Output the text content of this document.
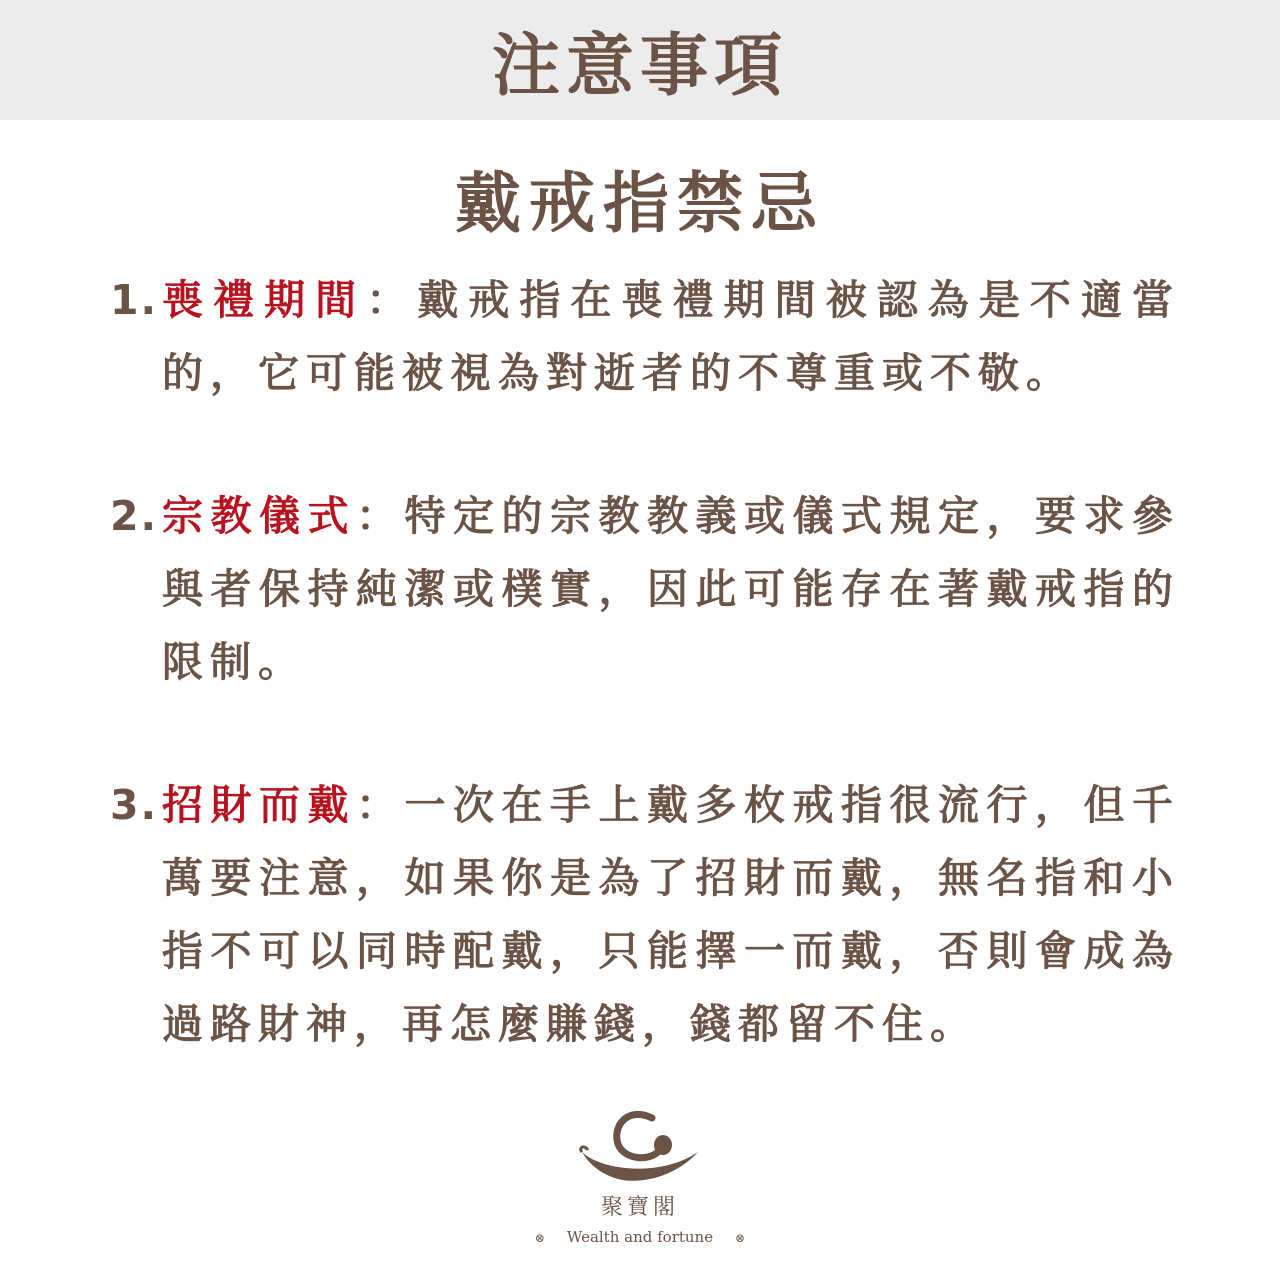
注意事項
戴戒指禁忌
1. 喪禮期間：戴戒指在喪禮期間被認為是不適當的，它可能被視為對逝者的不尊重或不敬。
2. 宗教儀式：特定的宗教教義或儀式規定，要求參與者保持純潔或樸實，因此可能存在著戴戒指的限制。
3. 招財而戴：一次在手上戴多枚戒指很流行，但千萬要注意，如果你是為了招財而戴，無名指和小指不可以同時配戴，只能擇一而戴，否則會成為過路財神，再怎麼賺錢，錢都留不住。
聚寶閣
⊗ Wealth and fortune ⊗
